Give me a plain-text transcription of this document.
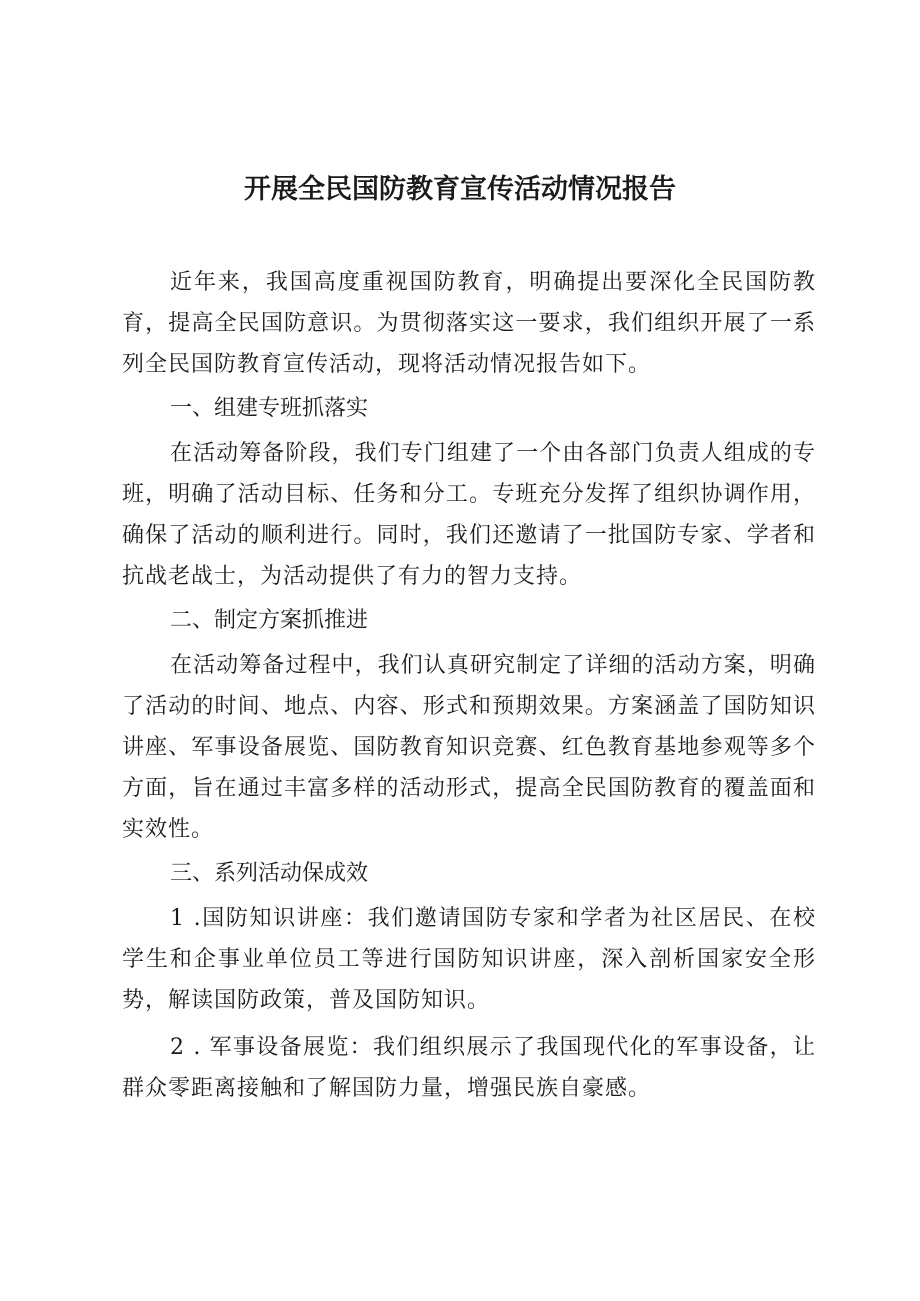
开展全民国防教育宣传活动情况报告

近年来，我国高度重视国防教育，明确提出要深化全民国防教育，提高全民国防意识。为贯彻落实这一要求，我们组织开展了一系列全民国防教育宣传活动，现将活动情况报告如下。

一、组建专班抓落实

在活动筹备阶段，我们专门组建了一个由各部门负责人组成的专班，明确了活动目标、任务和分工。专班充分发挥了组织协调作用，确保了活动的顺利进行。同时，我们还邀请了一批国防专家、学者和抗战老战士，为活动提供了有力的智力支持。

二、制定方案抓推进

在活动筹备过程中，我们认真研究制定了详细的活动方案，明确了活动的时间、地点、内容、形式和预期效果。方案涵盖了国防知识讲座、军事设备展览、国防教育知识竞赛、红色教育基地参观等多个方面，旨在通过丰富多样的活动形式，提高全民国防教育的覆盖面和实效性。

三、系列活动保成效

1 .国防知识讲座：我们邀请国防专家和学者为社区居民、在校学生和企事业单位员工等进行国防知识讲座，深入剖析国家安全形势，解读国防政策，普及国防知识。

2 . 军事设备展览：我们组织展示了我国现代化的军事设备，让群众零距离接触和了解国防力量，增强民族自豪感。
